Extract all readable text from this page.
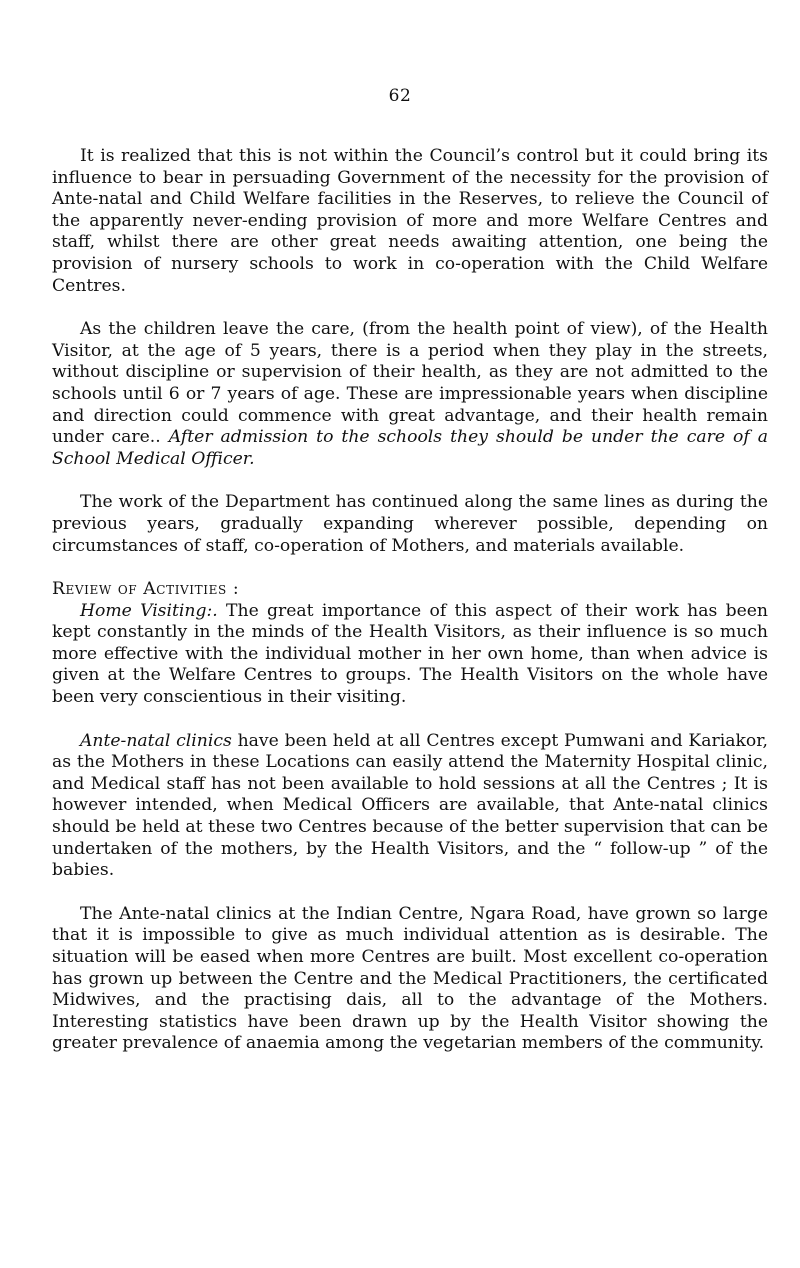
62

It is realized that this is not within the Council’s control but it could bring its influence to bear in persuading Government of the necessity for the provision of Ante-natal and Child Welfare facilities in the Reserves, to relieve the Council of the apparently never-ending provision of more and more Welfare Centres and staff, whilst there are other great needs awaiting attention, one being the provision of nursery schools to work in co-operation with the Child Welfare Centres.

As the children leave the care, (from the health point of view), of the Health Visitor, at the age of 5 years, there is a period when they play in the streets, without discipline or supervision of their health, as they are not admitted to the schools until 6 or 7 years of age. These are impressionable years when discipline and direction could commence with great advantage, and their health remain under care.. After admission to the schools they should be under the care of a School Medical Officer.

The work of the Department has continued along the same lines as during the previous years, gradually expanding wherever possible, depending on circumstances of staff, co-operation of Mothers, and materials available.

Review of Activities :

Home Visiting:. The great importance of this aspect of their work has been kept constantly in the minds of the Health Visitors, as their influence is so much more effective with the individual mother in her own home, than when advice is given at the Welfare Centres to groups. The Health Visitors on the whole have been very conscientious in their visiting.

Ante-natal clinics have been held at all Centres except Pumwani and Kariakor, as the Mothers in these Locations can easily attend the Maternity Hospital clinic, and Medical staff has not been available to hold sessions at all the Centres ; It is however intended, when Medical Officers are available, that Ante-natal clinics should be held at these two Centres because of the better supervision that can be undertaken of the mothers, by the Health Visitors, and the “ follow-up ” of the babies.

The Ante-natal clinics at the Indian Centre, Ngara Road, have grown so large that it is impossible to give as much individual attention as is desirable. The situation will be eased when more Centres are built. Most excellent co-operation has grown up between the Centre and the Medical Practitioners, the certificated Midwives, and the practising dais, all to the advantage of the Mothers. Interesting statistics have been drawn up by the Health Visitor showing the greater prevalence of anaemia among the vegetarian members of the community.
